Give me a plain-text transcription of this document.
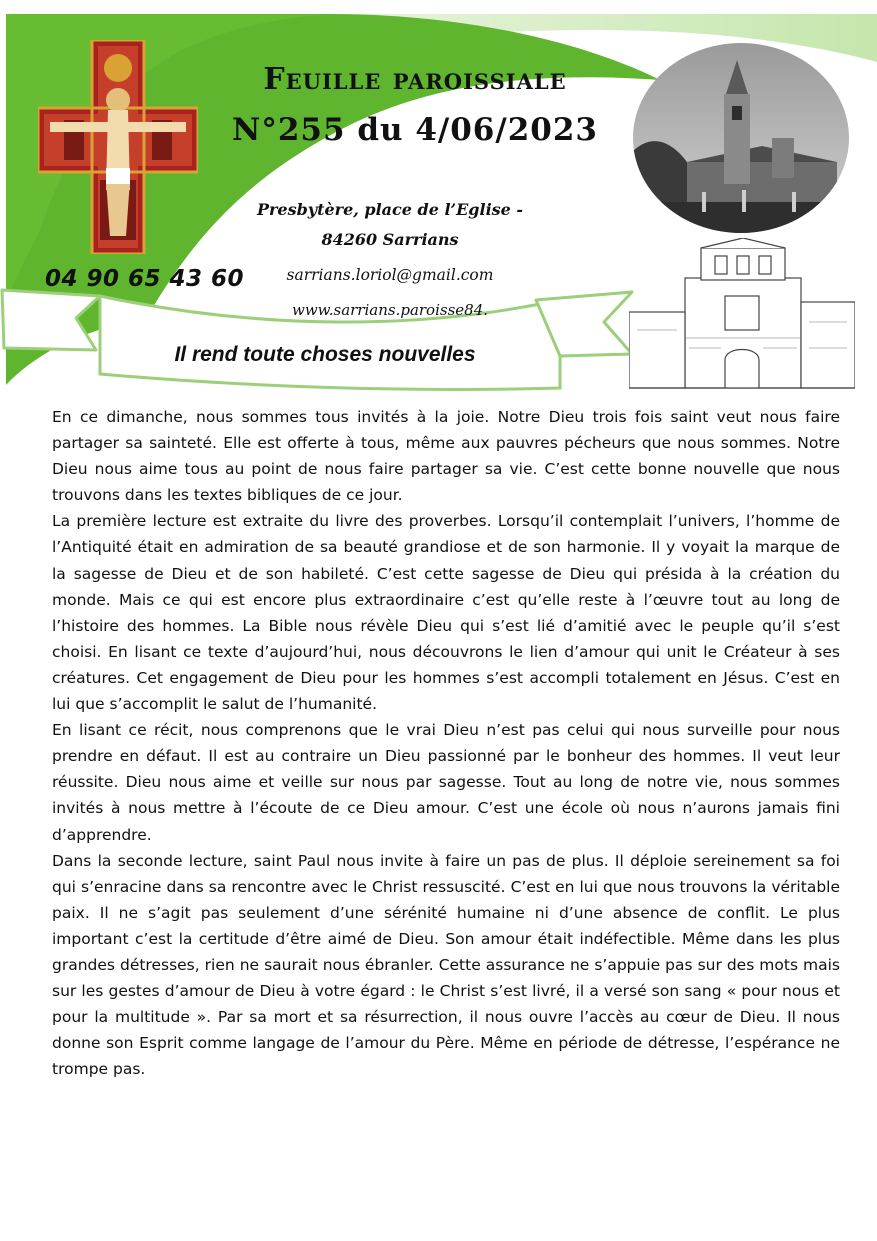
Feuille paroissiale
N°255 du 4/06/2023
Presbytère, place de l’Eglise -
84260 Sarrians
sarrians.loriol@gmail.com
www.sarrians.paroisse84.
04 90 65 43 60
Il rend toute choses nouvelles

En ce dimanche, nous sommes tous invités à la joie. Notre Dieu trois fois saint veut nous faire partager sa sainteté. Elle est offerte à tous, même aux pauvres pécheurs que nous sommes. Notre Dieu nous aime tous au point de nous faire partager sa vie. C’est cette bonne nouvelle que nous trouvons dans les textes bibliques de ce jour.

La première lecture est extraite du livre des proverbes. Lorsqu’il contemplait l’univers, l’homme de l’Antiquité était en admiration de sa beauté grandiose et de son harmonie. Il y voyait la marque de la sagesse de Dieu et de son habileté. C’est cette sagesse de Dieu qui présida à la création du monde. Mais ce qui est encore plus extraordinaire c’est qu’elle reste à l’œuvre tout au long de l’histoire des hommes. La Bible nous révèle Dieu qui s’est lié d’amitié avec le peuple qu’il s’est choisi. En lisant ce texte d’aujourd’hui, nous découvrons le lien d’amour qui unit le Créateur à ses créatures. Cet engagement de Dieu pour les hommes s’est accompli totalement en Jésus. C’est en lui que s’accomplit le salut de l’humanité.

En lisant ce récit, nous comprenons que le vrai Dieu n’est pas celui qui nous surveille pour nous prendre en défaut. Il est au contraire un Dieu passionné par le bonheur des hommes. Il veut leur réussite. Dieu nous aime et veille sur nous par sagesse. Tout au long de notre vie, nous sommes invités à nous mettre à l’écoute de ce Dieu amour. C’est une école où nous n’aurons jamais fini d’apprendre.

Dans la seconde lecture, saint Paul nous invite à faire un pas de plus. Il déploie sereinement sa foi qui s’enracine dans sa rencontre avec le Christ ressuscité. C’est en lui que nous trouvons la véritable paix. Il ne s’agit pas seulement d’une sérénité humaine ni d’une absence de conflit. Le plus important c’est la certitude d’être aimé de Dieu. Son amour était indéfectible. Même dans les plus grandes détresses, rien ne saurait nous ébranler. Cette assurance ne s’appuie pas sur des mots mais sur les gestes d’amour de Dieu à votre égard : le Christ s’est livré, il a versé son sang « pour nous et pour la multitude ». Par sa mort et sa résurrection, il nous ouvre l’accès au cœur de Dieu. Il nous donne son Esprit comme langage de l’amour du Père. Même en période de détresse, l’espérance ne trompe pas.
